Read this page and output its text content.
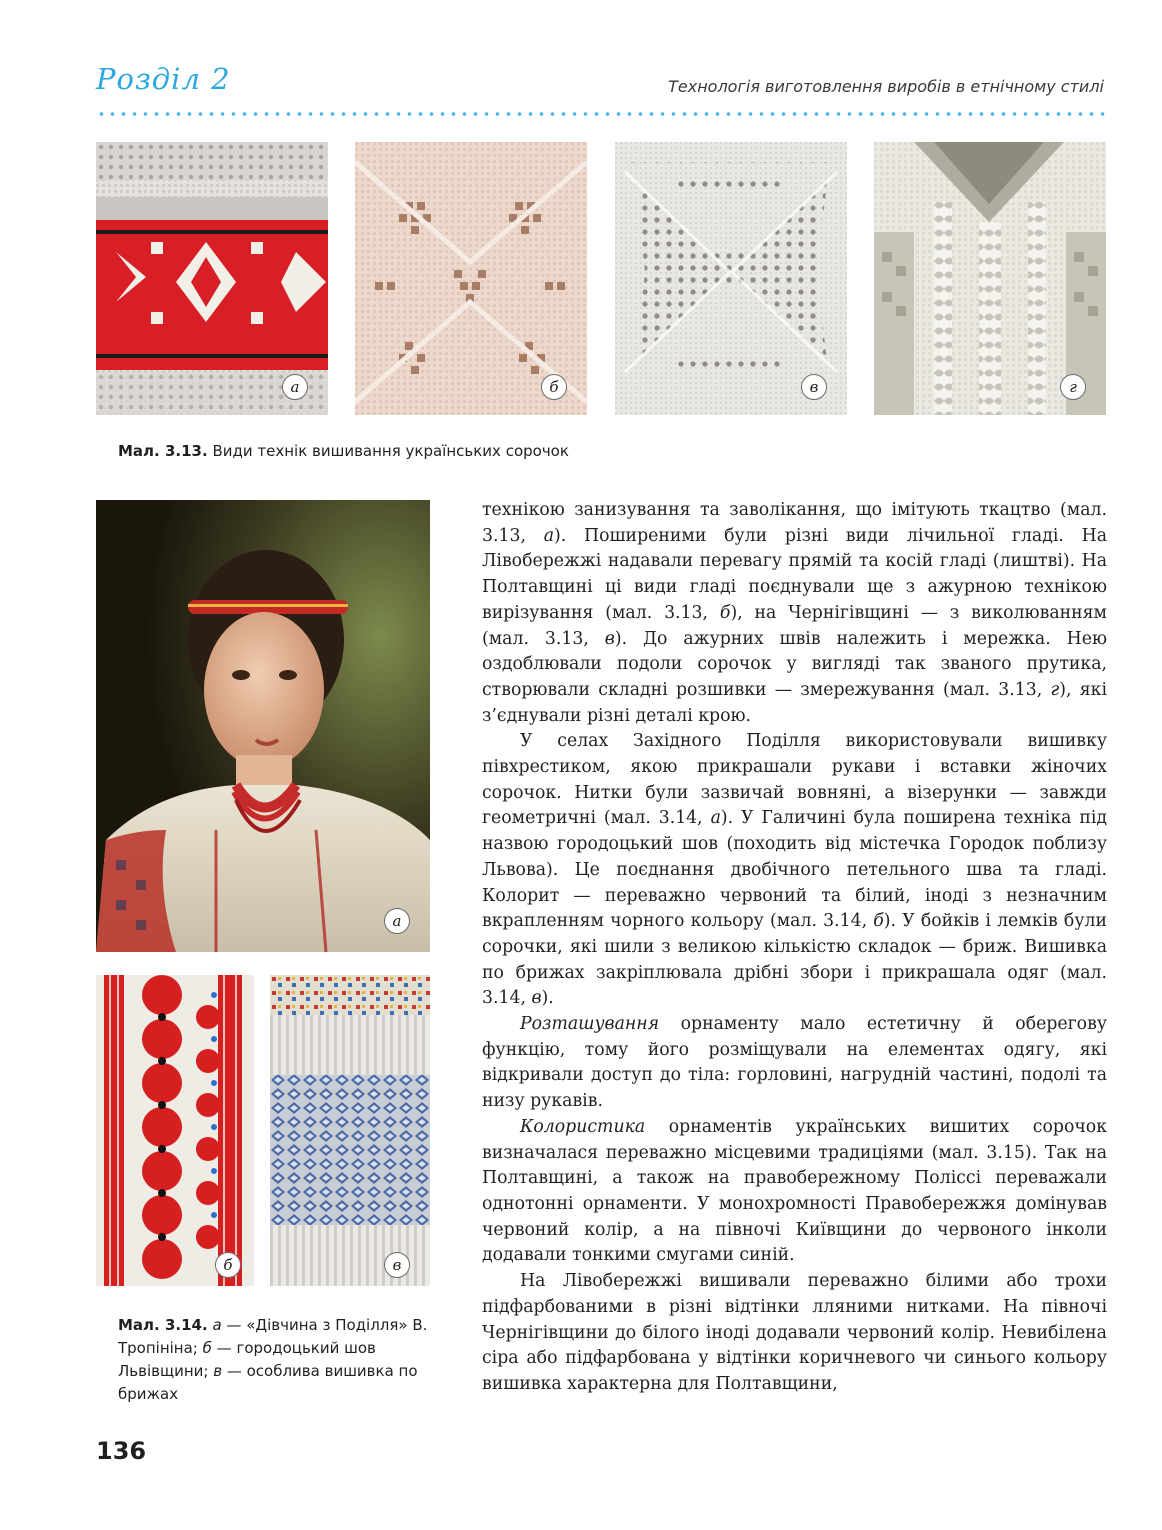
Розділ 2	Технологія виготовлення виробів в етнічному стилі
а	б	в	г
Мал. 3.13. Види технік вишивання українських сорочок
а
б	в
Мал. 3.14. а — «Дівчина з Поділля» В. Тропініна; б — городоцький шов Львівщини; в — особлива вишивка по брижах

технікою занизування та заволікання, що імітують ткацтво (мал. 3.13, а). Поширеними були різні види лічильної гладі. На Лівобережжі надавали перевагу прямій та косій гладі (лиштві). На Полтавщині ці види гладі поєднували ще з ажурною технікою вирізування (мал. 3.13, б), на Чернігівщині — з виколюванням (мал. 3.13, в). До ажурних швів належить і мережка. Нею оздоблювали подоли сорочок у вигляді так званого прутика, створювали складні розшивки — змережування (мал. 3.13, г), які з’єднували різні деталі крою.

У селах Західного Поділля використовували вишивку півхрестиком, якою прикрашали рукави і вставки жіночих сорочок. Нитки були зазвичай вовняні, а візерунки — завжди геометричні (мал. 3.14, а). У Галичині була поширена техніка під назвою городоцький шов (походить від містечка Городок поблизу Львова). Це поєднання двобічного петельного шва та гладі. Колорит — переважно червоний та білий, іноді з незначним вкрапленням чорного кольору (мал. 3.14, б). У бойків і лемків були сорочки, які шили з великою кількістю складок — бриж. Вишивка по брижах закріплювала дрібні збори і прикрашала одяг (мал. 3.14, в).

Розташування орнаменту мало естетичну й оберегову функцію, тому його розміщували на елементах одягу, які відкривали доступ до тіла: горловині, нагрудній частині, подолі та низу рукавів.

Колористика орнаментів українських вишитих сорочок визначалася переважно місцевими традиціями (мал. 3.15). Так на Полтавщині, а також на правобережному Поліссі переважали однотонні орнаменти. У монохромності Правобережжя домінував червоний колір, а на півночі Київщини до червоного інколи додавали тонкими смугами синій.

На Лівобережжі вишивали переважно білими або трохи підфарбованими в різні відтінки лляними нитками. На півночі Чернігівщини до білого іноді додавали червоний колір. Невибілена сіра або підфарбована у відтінки коричневого чи синього кольору вишивка характерна для Полтавщини,

136
